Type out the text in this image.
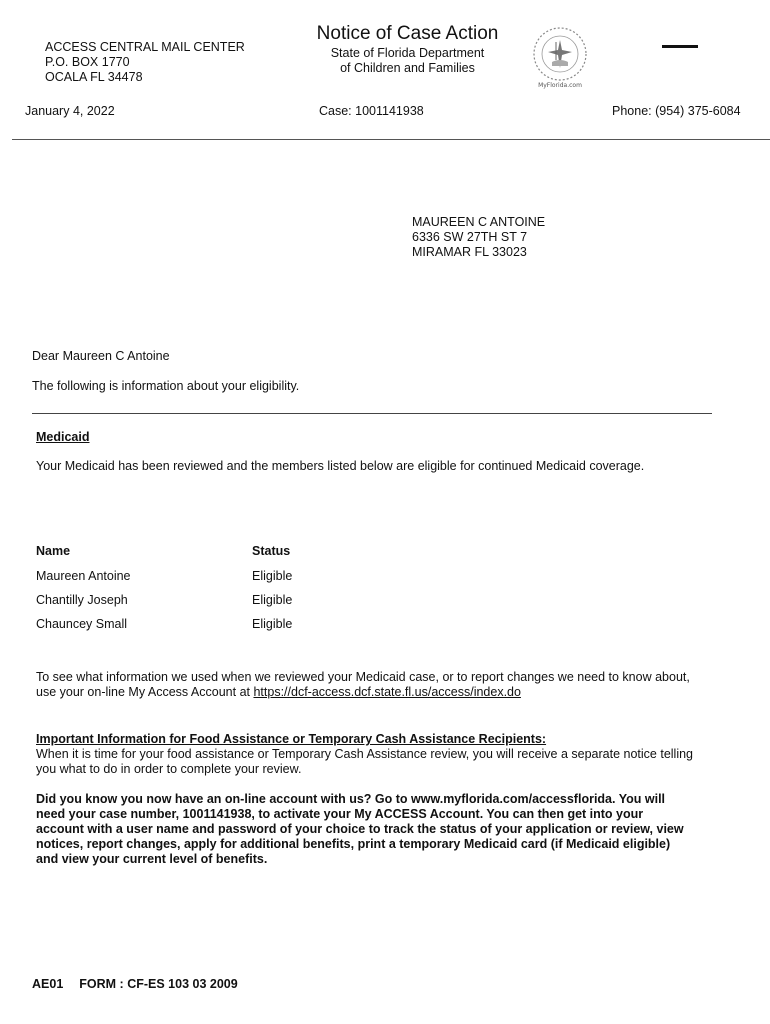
ACCESS CENTRAL MAIL CENTER
P.O. BOX 1770
OCALA FL 34478
Notice of Case Action
State of Florida Department
of Children and Families
MyFlorida.com
January 4, 2022	Case: 1001141938	Phone: (954) 375-6084
MAUREEN C ANTOINE
6336 SW 27TH ST 7
MIRAMAR FL 33023
Dear Maureen C Antoine
The following is information about your eligibility.
Medicaid
Your Medicaid has been reviewed and the members listed below are eligible for continued Medicaid coverage.
Name	Status
Maureen Antoine	Eligible
Chantilly Joseph	Eligible
Chauncey Small	Eligible
To see what information we used when we reviewed your Medicaid case, or to report changes we need to know about,
use your on-line My Access Account at https://dcf-access.dcf.state.fl.us/access/index.do
Important Information for Food Assistance or Temporary Cash Assistance Recipients:
When it is time for your food assistance or Temporary Cash Assistance review, you will receive a separate notice telling
you what to do in order to complete your review.
Did you know you now have an on-line account with us? Go to www.myflorida.com/accessflorida. You will
need your case number, 1001141938, to activate your My ACCESS Account. You can then get into your
account with a user name and password of your choice to track the status of your application or review, view
notices, report changes, apply for additional benefits, print a temporary Medicaid card (if Medicaid eligible)
and view your current level of benefits.
AE01 FORM : CF-ES 103 03 2009
